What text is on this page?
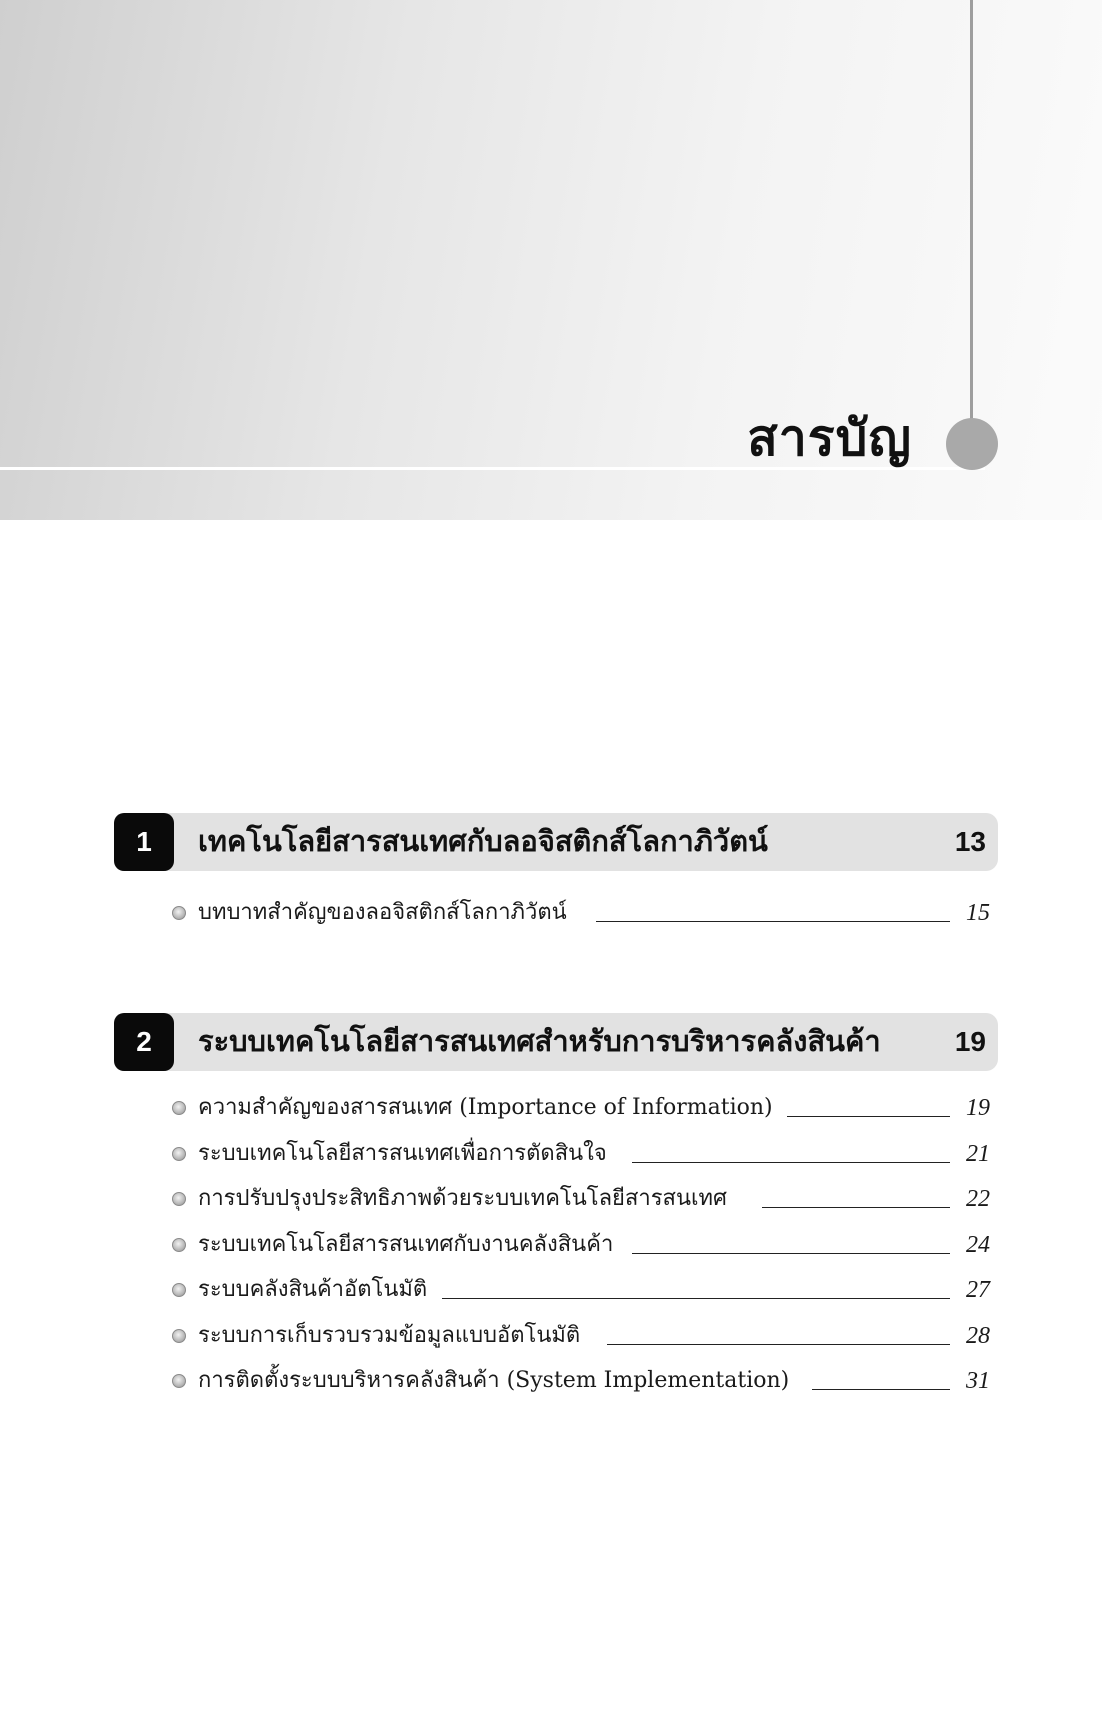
สารบัญ
1	เทคโนโลยีสารสนเทศกับลอจิสติกส์โลกาภิวัตน์	13
บทบาทสำคัญของลอจิสติกส์โลกาภิวัตน์	15
2	ระบบเทคโนโลยีสารสนเทศสำหรับการบริหารคลังสินค้า	19
ความสำคัญของสารสนเทศ (Importance of Information)	19
ระบบเทคโนโลยีสารสนเทศเพื่อการตัดสินใจ	21
การปรับปรุงประสิทธิภาพด้วยระบบเทคโนโลยีสารสนเทศ	22
ระบบเทคโนโลยีสารสนเทศกับงานคลังสินค้า	24
ระบบคลังสินค้าอัตโนมัติ	27
ระบบการเก็บรวบรวมข้อมูลแบบอัตโนมัติ	28
การติดตั้งระบบบริหารคลังสินค้า (System Implementation)	31
